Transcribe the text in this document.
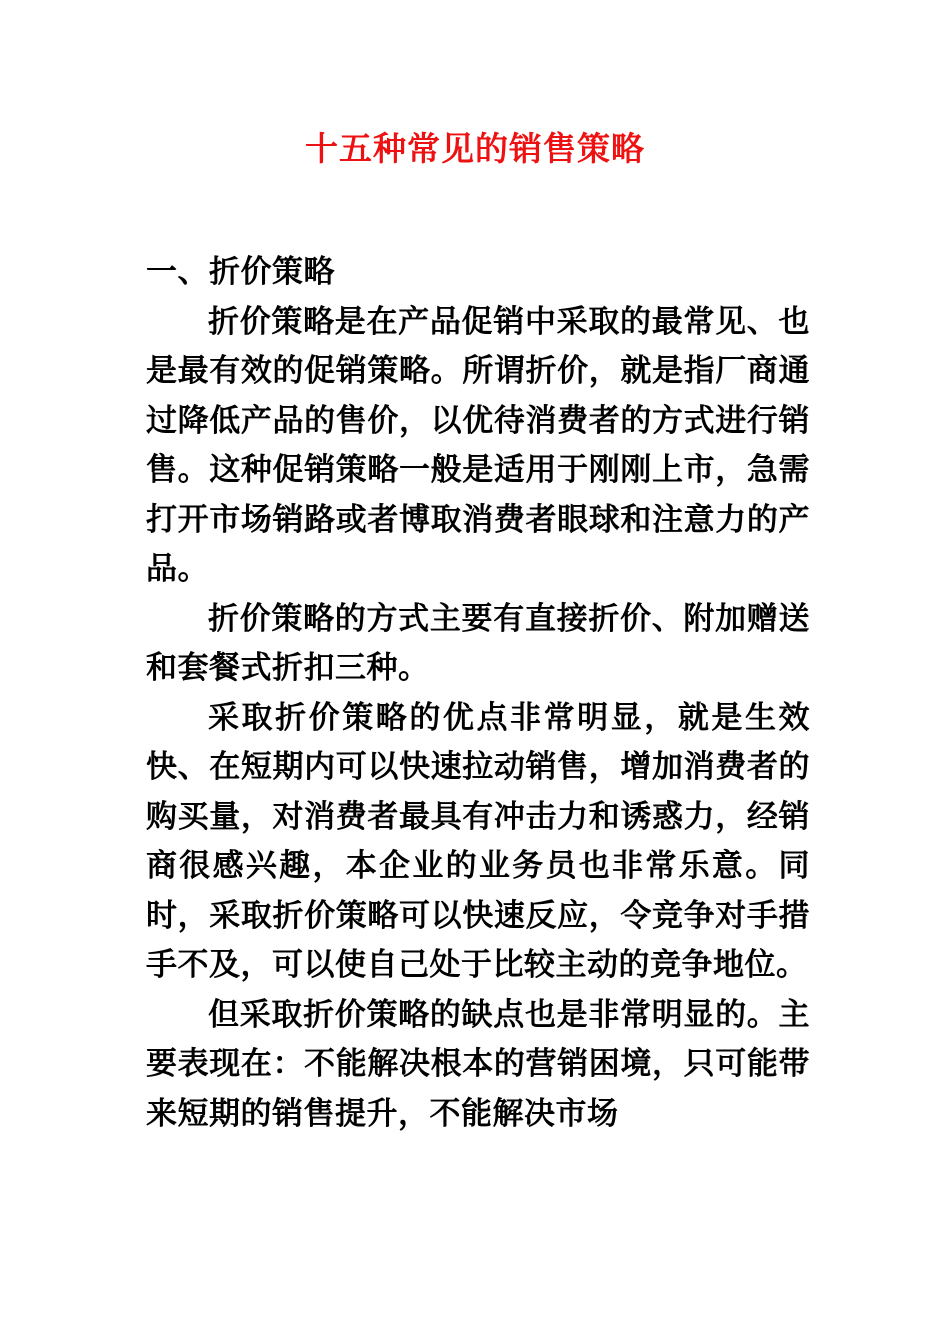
十五种常见的销售策略
一、折价策略

折价策略是在产品促销中采取的最常见、也是最有效的促销策略。所谓折价，就是指厂商通过降低产品的售价，以优待消费者的方式进行销售。这种促销策略一般是适用于刚刚上市，急需打开市场销路或者博取消费者眼球和注意力的产品。

折价策略的方式主要有直接折价、附加赠送和套餐式折扣三种。

采取折价策略的优点非常明显，就是生效快、在短期内可以快速拉动销售，增加消费者的购买量，对消费者最具有冲击力和诱惑力，经销商很感兴趣，本企业的业务员也非常乐意。同时，采取折价策略可以快速反应，令竞争对手措手不及，可以使自己处于比较主动的竞争地位。

但采取折价策略的缺点也是非常明显的。主要表现在：不能解决根本的营销困境，只可能带来短期的销售提升，不能解决市场
